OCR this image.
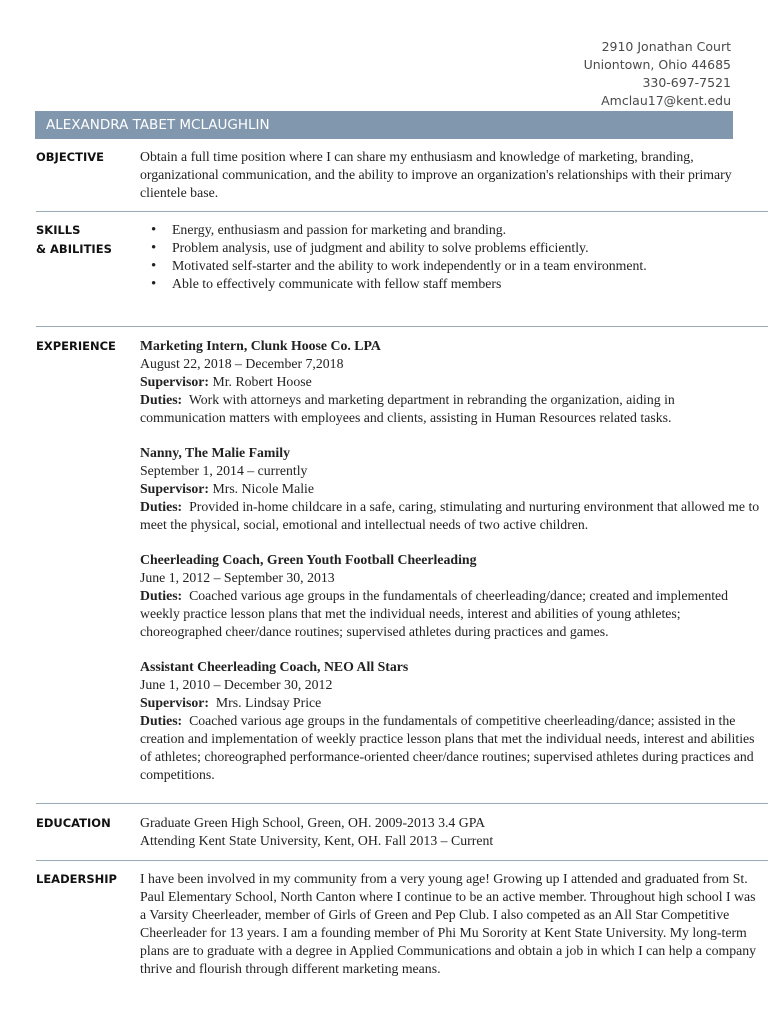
2910 Jonathan Court
Uniontown, Ohio 44685
330-697-7521
Amclau17@kent.edu
ALEXANDRA TABET MCLAUGHLIN
OBJECTIVE	Obtain a full time position where I can share my enthusiasm and knowledge of marketing, branding, organizational communication, and the ability to improve an organization's relationships with their primary clientele base.

SKILLS
& ABILITIES
• Energy, enthusiasm and passion for marketing and branding.
• Problem analysis, use of judgment and ability to solve problems efficiently.
• Motivated self-starter and the ability to work independently or in a team environment.
• Able to effectively communicate with fellow staff members
EXPERIENCE	Marketing Intern, Clunk Hoose Co. LPA

August 22, 2018 – December 7,2018

Supervisor: Mr. Robert Hoose

Duties: Work with attorneys and marketing department in rebranding the organization, aiding in communication matters with employees and clients, assisting in Human Resources related tasks.

Nanny, The Malie Family

September 1, 2014 – currently

Supervisor: Mrs. Nicole Malie

Duties: Provided in-home childcare in a safe, caring, stimulating and nurturing environment that allowed me to meet the physical, social, emotional and intellectual needs of two active children.

Cheerleading Coach, Green Youth Football Cheerleading

June 1, 2012 – September 30, 2013

Duties: Coached various age groups in the fundamentals of cheerleading/dance; created and implemented weekly practice lesson plans that met the individual needs, interest and abilities of young athletes; choreographed cheer/dance routines; supervised athletes during practices and games.

Assistant Cheerleading Coach, NEO All Stars

June 1, 2010 – December 30, 2012

Supervisor: Mrs. Lindsay Price

Duties: Coached various age groups in the fundamentals of competitive cheerleading/dance; assisted in the creation and implementation of weekly practice lesson plans that met the individual needs, interest and abilities of athletes; choreographed performance-oriented cheer/dance routines; supervised athletes during practices and competitions.

EDUCATION	Graduate Green High School, Green, OH. 2009-2013 3.4 GPA

Attending Kent State University, Kent, OH. Fall 2013 – Current

LEADERSHIP	I have been involved in my community from a very young age! Growing up I attended and graduated from St. Paul Elementary School, North Canton where I continue to be an active member. Throughout high school I was a Varsity Cheerleader, member of Girls of Green and Pep Club. I also competed as an All Star Competitive Cheerleader for 13 years. I am a founding member of Phi Mu Sorority at Kent State University. My long-term plans are to graduate with a degree in Applied Communications and obtain a job in which I can help a company thrive and flourish through different marketing means.
